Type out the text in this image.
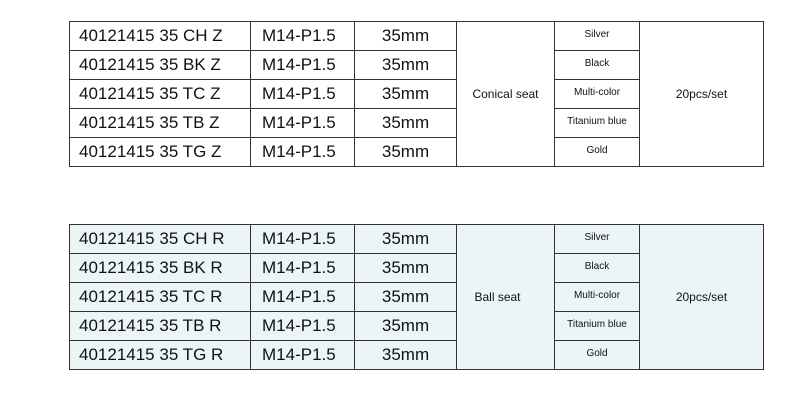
40121415 35 CH Z	M14-P1.5	35mm	Conical seat	Silver	20pcs/set
40121415 35 BK Z	M14-P1.5	35mm		Black	
40121415 35 TC Z	M14-P1.5	35mm		Multi-color	
40121415 35 TB Z	M14-P1.5	35mm		Titanium blue	
40121415 35 TG Z	M14-P1.5	35mm		Gold	
40121415 35 CH R	M14-P1.5	35mm	Ball seat	Silver	20pcs/set
40121415 35 BK R	M14-P1.5	35mm		Black	
40121415 35 TC R	M14-P1.5	35mm		Multi-color	
40121415 35 TB R	M14-P1.5	35mm		Titanium blue	
40121415 35 TG R	M14-P1.5	35mm		Gold	
